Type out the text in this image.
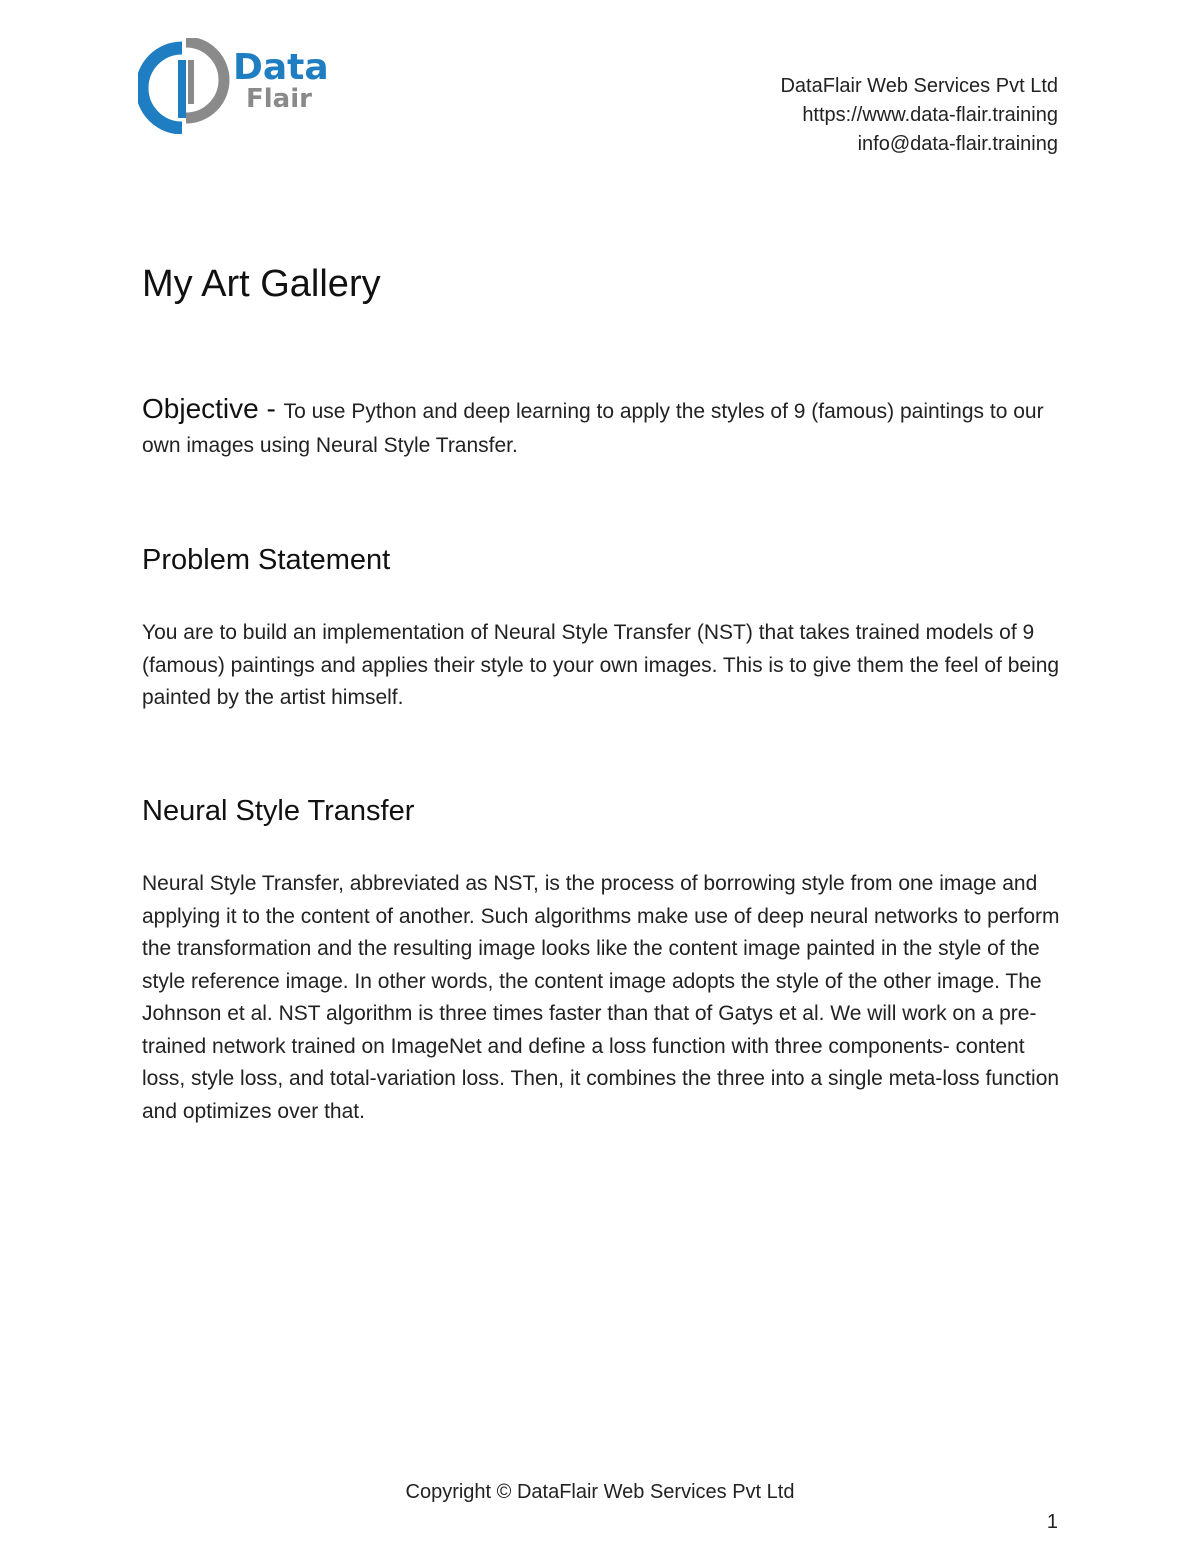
Data
Flair	DataFlair Web Services Pvt Ltd
https://www.data-flair.training
info@data-flair.training
My Art Gallery
Objective - To use Python and deep learning to apply the styles of 9 (famous) paintings to our own images using Neural Style Transfer.
Problem Statement

You are to build an implementation of Neural Style Transfer (NST) that takes trained models of 9 (famous) paintings and applies their style to your own images. This is to give them the feel of being painted by the artist himself.

Neural Style Transfer

Neural Style Transfer, abbreviated as NST, is the process of borrowing style from one image and applying it to the content of another. Such algorithms make use of deep neural networks to perform the transformation and the resulting image looks like the content image painted in the style of the style reference image. In other words, the content image adopts the style of the other image. The Johnson et al. NST algorithm is three times faster than that of Gatys et al. We will work on a pre-trained network trained on ImageNet and define a loss function with three components- content loss, style loss, and total-variation loss. Then, it combines the three into a single meta-loss function and optimizes over that.

Copyright © DataFlair Web Services Pvt Ltd
1
